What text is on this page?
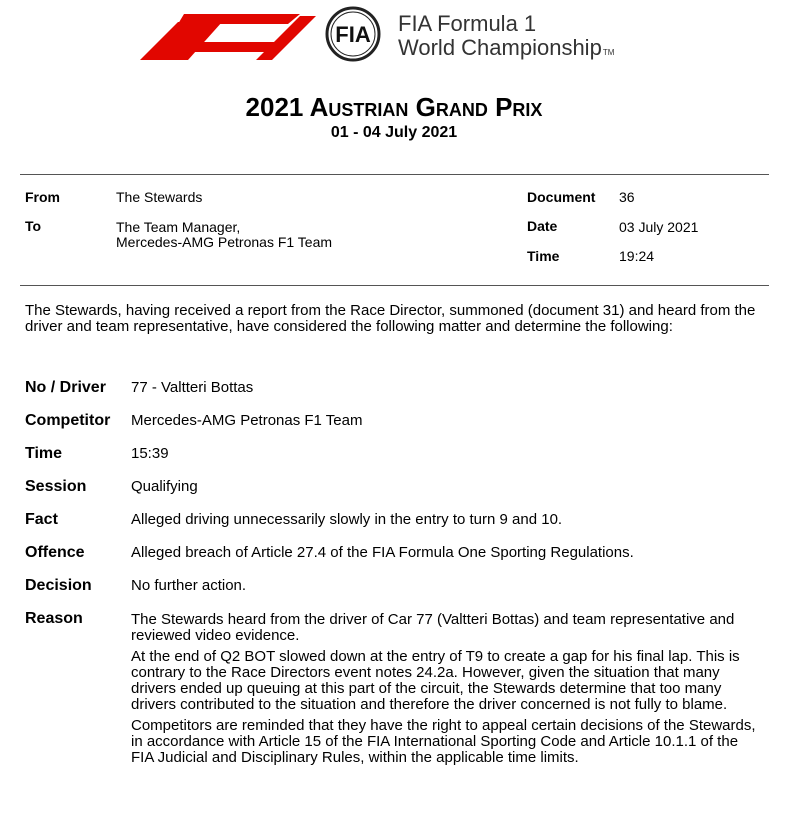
FIA FIA Formula 1
World ChampionshipTM
2021 Austrian Grand Prix
01 - 04 July 2021
From	The Stewards
To	The Team Manager,
Mercedes-AMG Petronas F1 Team
Document 36
Date	03 July 2021
Time	19:24
The Stewards, having received a report from the Race Director, summoned (document 31) and heard from the driver and team representative, have considered the following matter and determine the following:
No / Driver 77 - Valtteri Bottas
Competitor Mercedes-AMG Petronas F1 Team
Time	15:39
Session	Qualifying
Fact	Alleged driving unnecessarily slowly in the entry to turn 9 and 10.
Offence	Alleged breach of Article 27.4 of the FIA Formula One Sporting Regulations.
Decision	No further action.
Reason	The Stewards heard from the driver of Car 77 (Valtteri Bottas) and team representative and reviewed video evidence.

At the end of Q2 BOT slowed down at the entry of T9 to create a gap for his final lap. This is contrary to the Race Directors event notes 24.2a. However, given the situation that many drivers ended up queuing at this part of the circuit, the Stewards determine that too many drivers contributed to the situation and therefore the driver concerned is not fully to blame.

Competitors are reminded that they have the right to appeal certain decisions of the Stewards, in accordance with Article 15 of the FIA International Sporting Code and Article 10.1.1 of the FIA Judicial and Disciplinary Rules, within the applicable time limits.
